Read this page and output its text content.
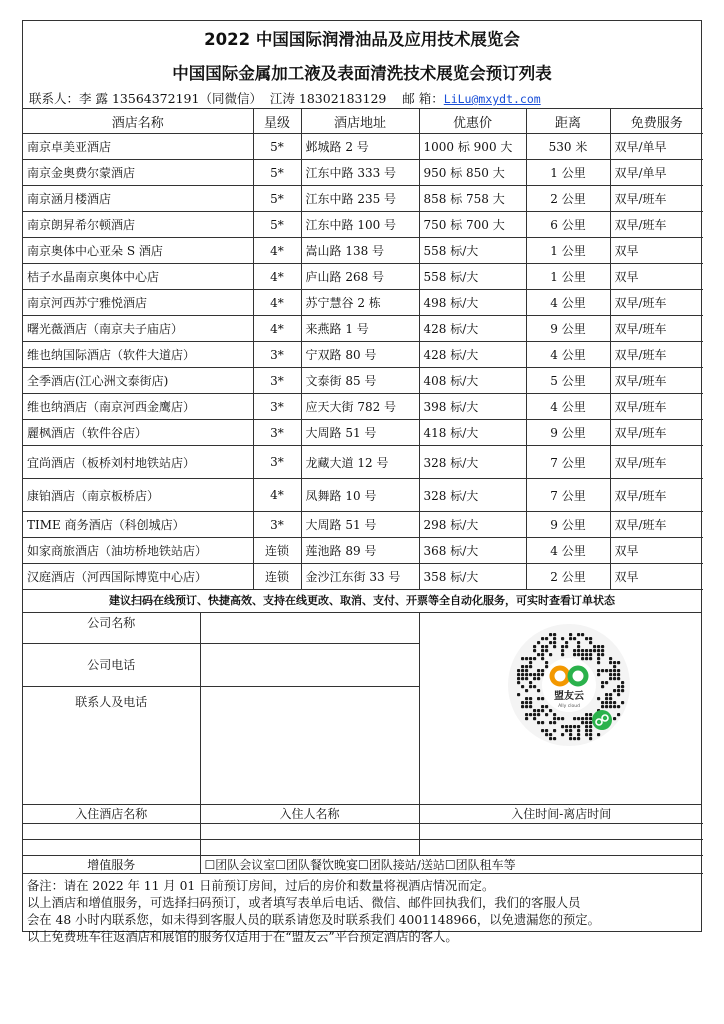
2022 中国国际润滑油品及应用技术展览会
中国国际金属加工液及表面清洗技术展览会预订列表
联系人：李 露 13564372191（同微信） 江涛 18302183129 邮 箱：LiLu@mxydt.com
酒店名称	星级	酒店地址	优惠价	距离	免费服务
南京卓美亚酒店	5*	邺城路 2 号	1000 标 900 大	530 米	双早/单早
南京金奥费尔蒙酒店	5*	江东中路 333 号	950 标 850 大	1 公里	双早/单早
南京涵月楼酒店	5*	江东中路 235 号	858 标 758 大	2 公里	双早/班车
南京朗昇希尔顿酒店	5*	江东中路 100 号	750 标 700 大	6 公里	双早/班车
南京奥体中心亚朵 S 酒店	4*	嵩山路 138 号	558 标/大	1 公里	双早
桔子水晶南京奥体中心店	4*	庐山路 268 号	558 标/大	1 公里	双早
南京河西苏宁雅悦酒店	4*	苏宁慧谷 2 栋	498 标/大	4 公里	双早/班车
曙光薇酒店（南京夫子庙店）	4*	来燕路 1 号	428 标/大	9 公里	双早/班车
维也纳国际酒店（软件大道店）	3*	宁双路 80 号	428 标/大	4 公里	双早/班车
全季酒店(江心洲文泰街店)	3*	文泰街 85 号	408 标/大	5 公里	双早/班车
维也纳酒店（南京河西金鹰店）	3*	应天大街 782 号	398 标/大	4 公里	双早/班车
麗枫酒店（软件谷店）	3*	大周路 51 号	418 标/大	9 公里	双早/班车
宜尚酒店（板桥刘村地铁站店）	3*	龙藏大道 12 号	328 标/大	7 公里	双早/班车
康铂酒店（南京板桥店）	4*	凤舞路 10 号	328 标/大	7 公里	双早/班车
TIME 商务酒店（科创城店）	3*	大周路 51 号	298 标/大	9 公里	双早/班车
如家商旅酒店（油坊桥地铁站店）	连锁	莲池路 89 号	368 标/大	4 公里	双早
汉庭酒店（河西国际博览中心店）	连锁	金沙江东街 33 号	358 标/大	2 公里	双早
建议扫码在线预订、快捷高效、支持在线更改、取消、支付、开票等全自动化服务，可实时查看订单状态
公司名称	
公司电话	
联系人及电话		盟友云
Ally cloud
入住酒店名称	入住人名称	入住时间-离店时间

增值服务	☐团队会议室☐团队餐饮晚宴☐团队接站/送站☐团队租车等	
备注：请在 2022 年 11 月 01 日前预订房间，过后的房价和数量将视酒店情况而定。
以上酒店和增值服务，可选择扫码预订，或者填写表单后电话、微信、邮件回执我们，我们的客服人员
会在 48 小时内联系您，如未得到客服人员的联系请您及时联系我们 4001148966，以免遗漏您的预定。
以上免费班车往返酒店和展馆的服务仅适用于在“盟友云”平台预定酒店的客人。
